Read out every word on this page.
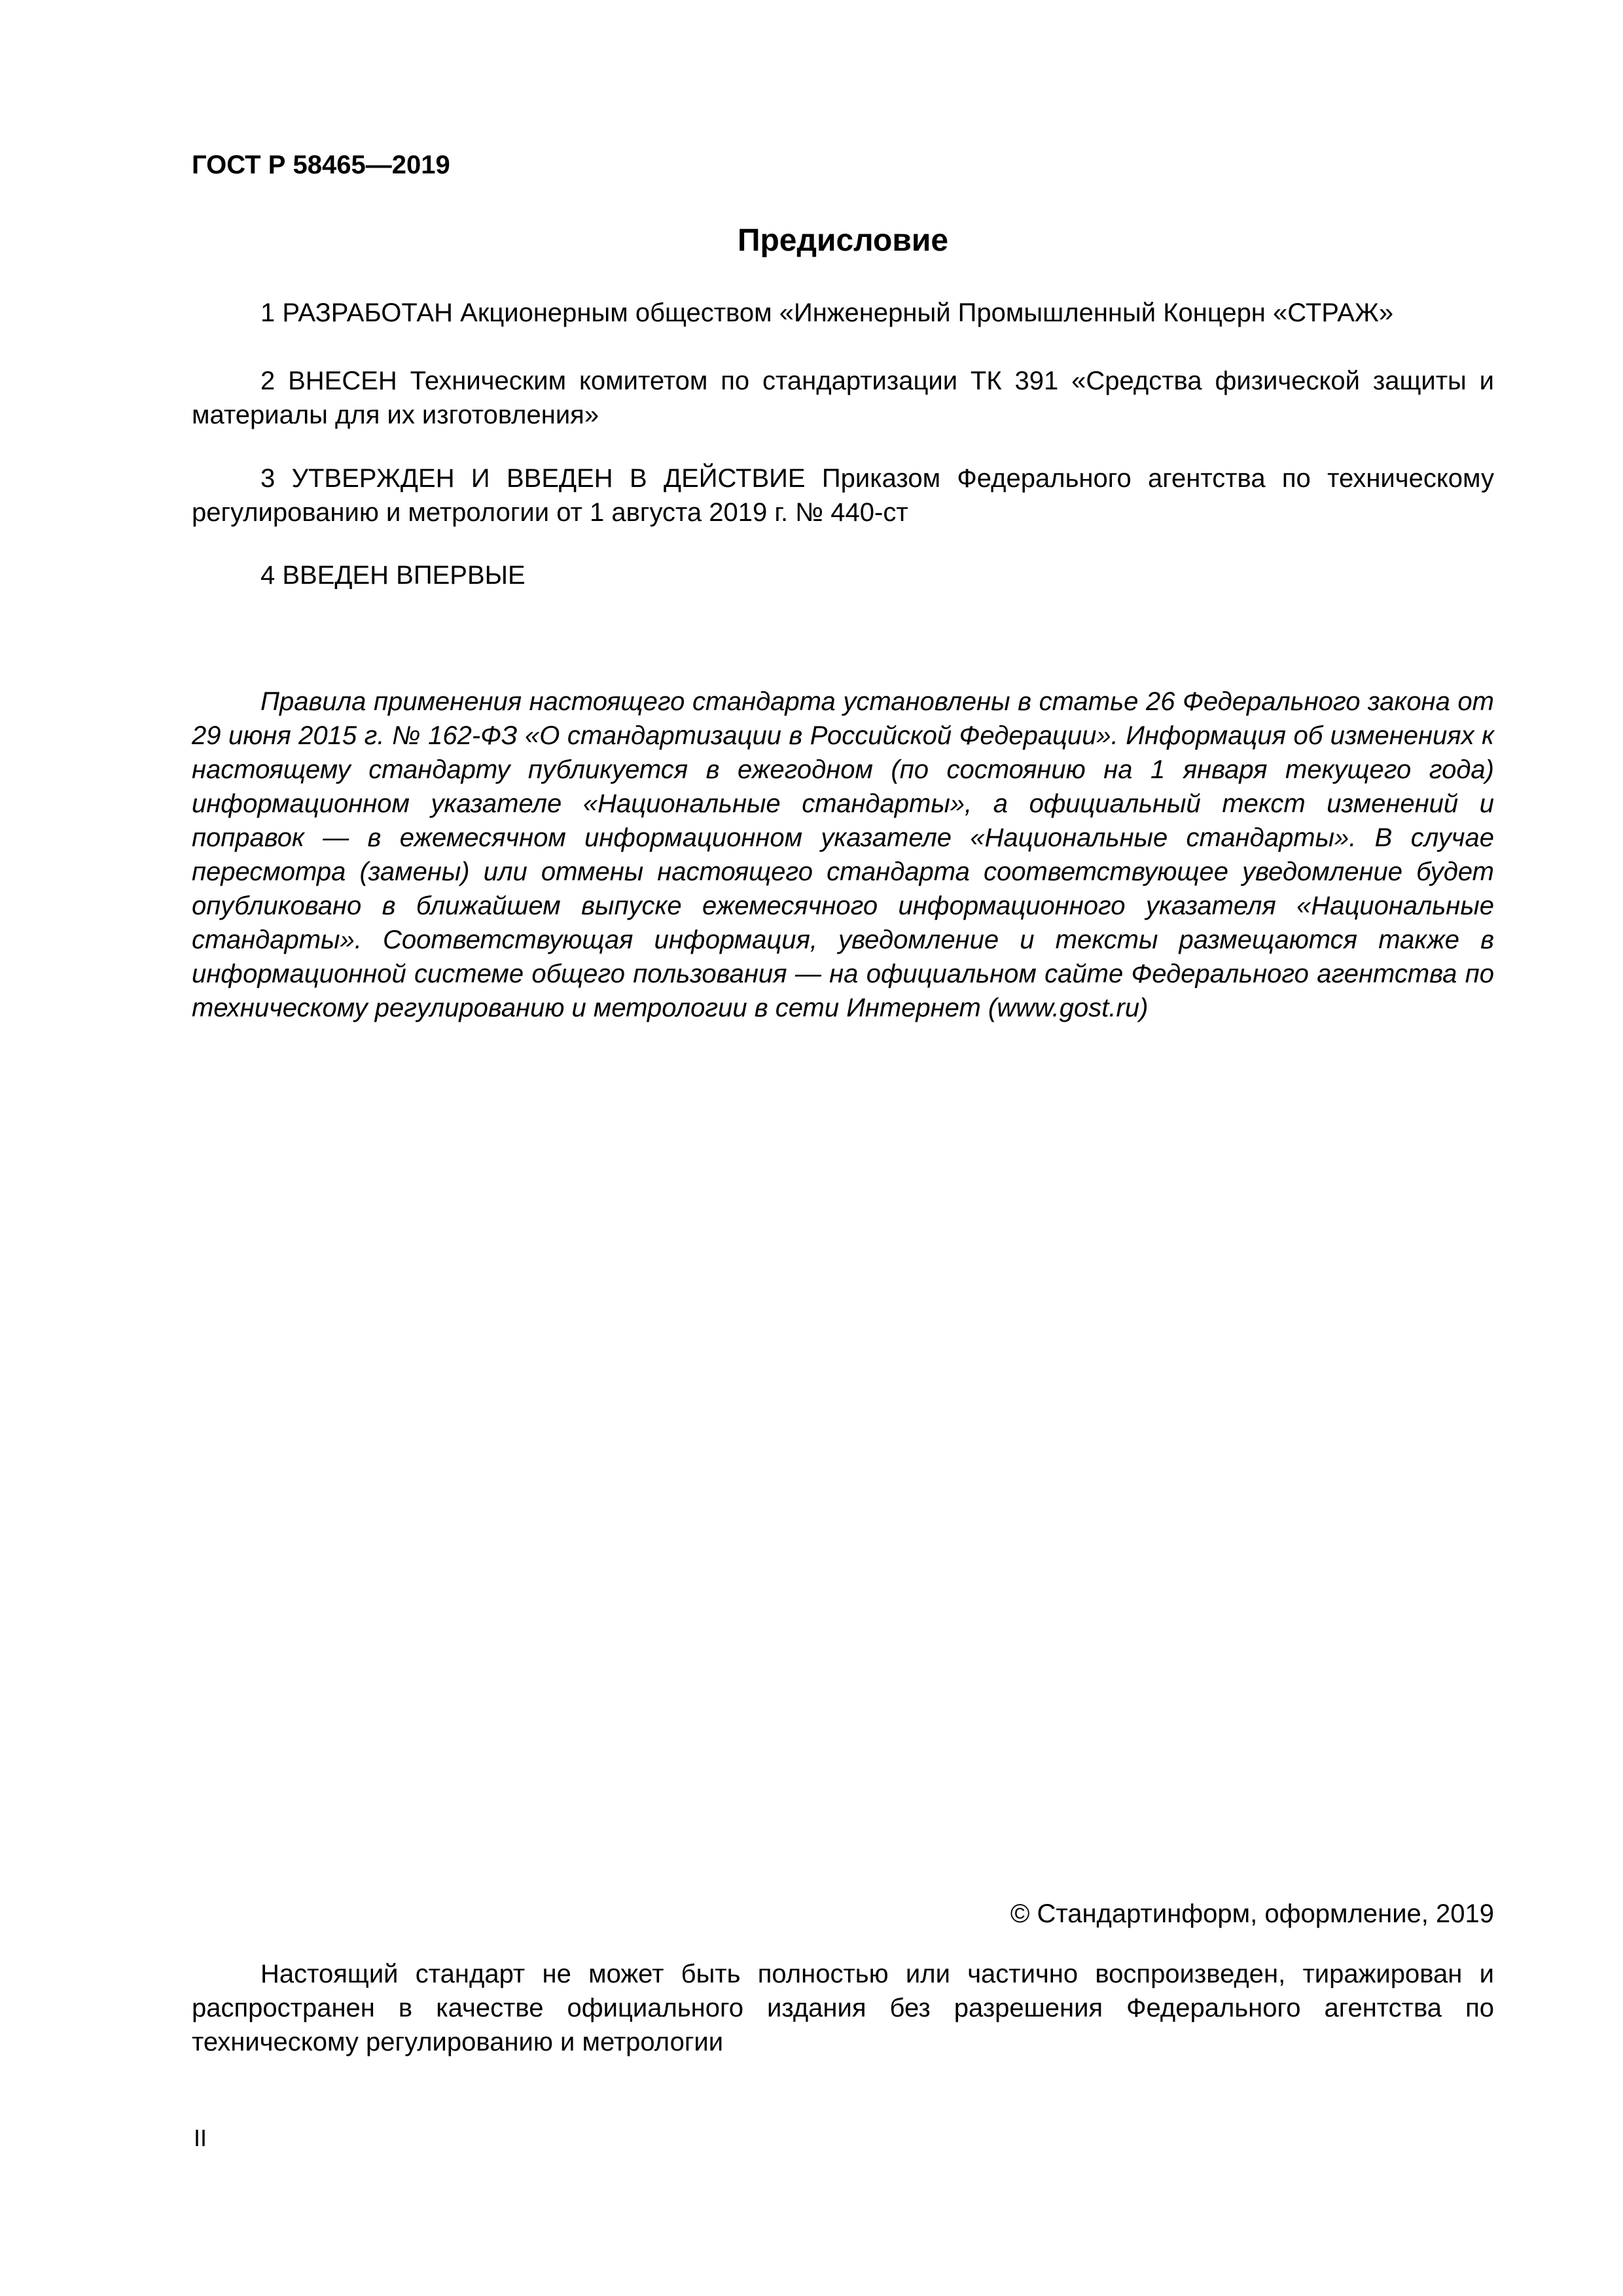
ГОСТ Р 58465—2019
Предисловие

1 РАЗРАБОТАН Акционерным обществом «Инженерный Промышленный Концерн «СТРАЖ»

2 ВНЕСЕН Техническим комитетом по стандартизации ТК 391 «Средства физической защиты и материалы для их изготовления»

3 УТВЕРЖДЕН И ВВЕДЕН В ДЕЙСТВИЕ Приказом Федерального агентства по техническому регулированию и метрологии от 1 августа 2019 г. № 440-ст

4 ВВЕДЕН ВПЕРВЫЕ

Правила применения настоящего стандарта установлены в статье 26 Федерального закона от 29 июня 2015 г. № 162-ФЗ «О стандартизации в Российской Федерации». Информация об изменениях к настоящему стандарту публикуется в ежегодном (по состоянию на 1 января текущего года) информационном указателе «Национальные стандарты», а официальный текст изменений и поправок — в ежемесячном информационном указателе «Национальные стандарты». В случае пересмотра (замены) или отмены настоящего стандарта соответствующее уведомление будет опубликовано в ближайшем выпуске ежемесячного информационного указателя «Национальные стандарты». Соответствующая информация, уведомление и тексты размещаются также в информационной системе общего пользования — на официальном сайте Федерального агентства по техническому регулированию и метрологии в сети Интернет (www.gost.ru)

© Стандартинформ, оформление, 2019

Настоящий стандарт не может быть полностью или частично воспроизведен, тиражирован и распространен в качестве официального издания без разрешения Федерального агентства по техническому регулированию и метрологии

II
